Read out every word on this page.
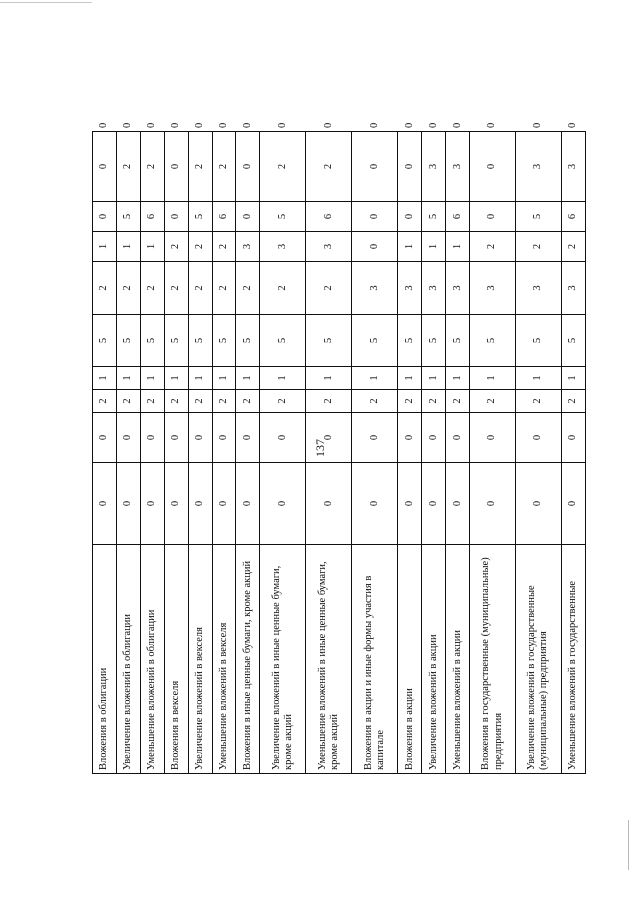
137
Вложения в облигации	0	0	2	1	5	2	1	0	0	0
Увеличение вложений в облигации	0	0	2	1	5	2	1	5	2	0
Уменьшение вложений в облигации	0	0	2	1	5	2	1	6	2	0
Вложения в векселя	0	0	2	1	5	2	2	0	0	0
Увеличение вложений в векселя	0	0	2	1	5	2	2	5	2	0
Уменьшение вложений в векселя	0	0	2	1	5	2	2	6	2	0
Вложения в иные ценные бумаги, кроме акций	0	0	2	1	5	2	3	0	0	0
Увеличение вложений в иные ценные бумаги, кроме акций	0	0	2	1	5	2	3	5	2	0
Уменьшение вложений в иные ценные бумаги, кроме акций	0	0	2	1	5	2	3	6	2	0
Вложения в акции и иные формы участия в капитале	0	0	2	1	5	3	0	0	0	0
Вложения в акции	0	0	2	1	5	3	1	0	0	0
Увеличение вложений в акции	0	0	2	1	5	3	1	5	3	0
Уменьшение вложений в акции	0	0	2	1	5	3	1	6	3	0
Вложения в государственные (муниципальные) предприятия	0	0	2	1	5	3	2	0	0	0
Увеличение вложений в государственные (муниципальные) предприятия	0	0	2	1	5	3	2	5	3	0
Уменьшение вложений в государственные	0	0	2	1	5	3	2	6	3	0
